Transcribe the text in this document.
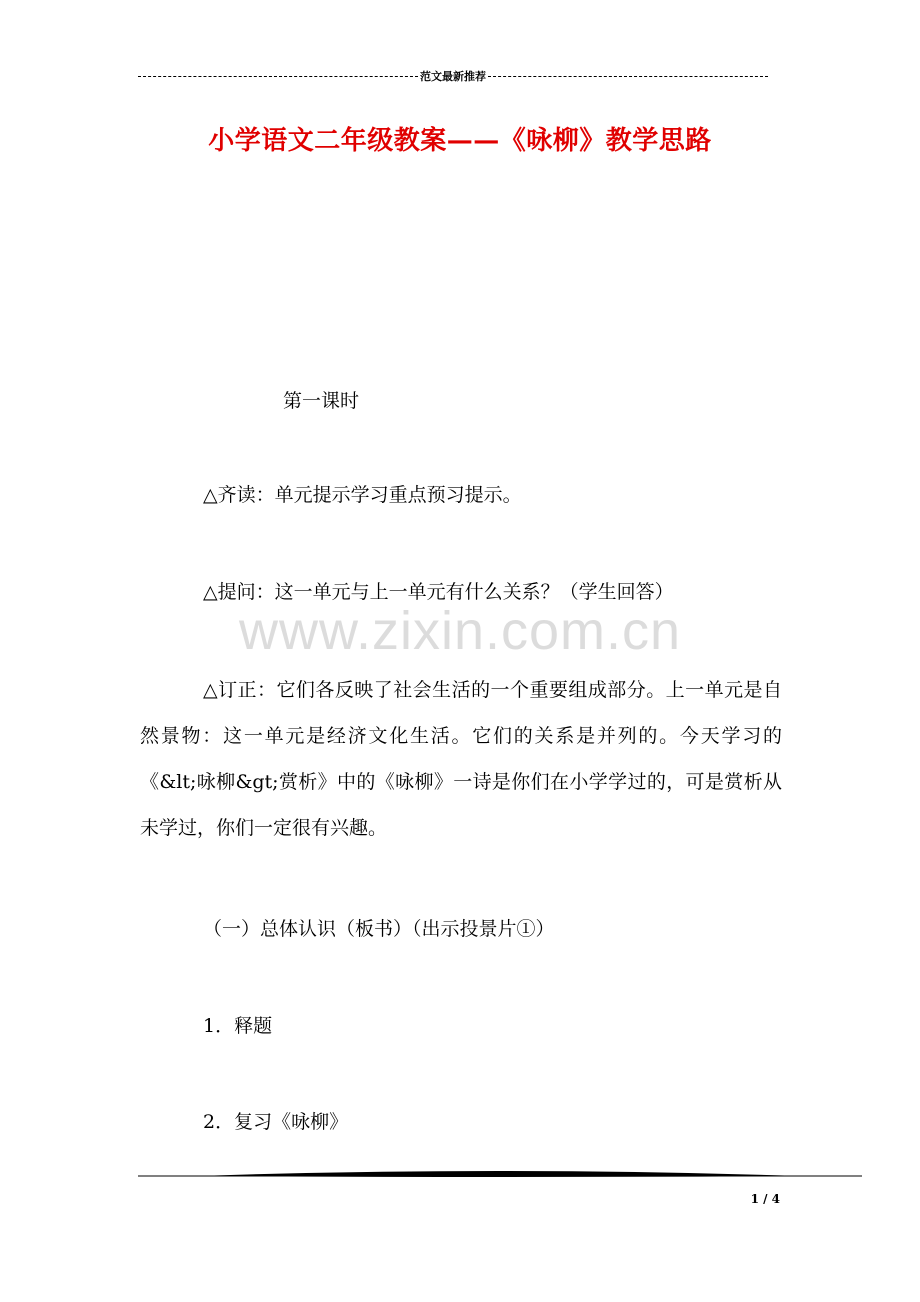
范文最新推荐
小学语文二年级教案——《咏柳》教学思路
第一课时
△齐读：单元提示学习重点预习提示。
△提问：这一单元与上一单元有什么关系？（学生回答）
www.zixin.com.cn
△订正：它们各反映了社会生活的一个重要组成部分。上一单元是自然景物：这一单元是经济文化生活。它们的关系是并列的。今天学习的《&lt;咏柳&gt;赏析》中的《咏柳》一诗是你们在小学学过的，可是赏析从未学过，你们一定很有兴趣。
（一）总体认识（板书）（出示投景片①）
1．释题
2．复习《咏柳》
1 / 4
